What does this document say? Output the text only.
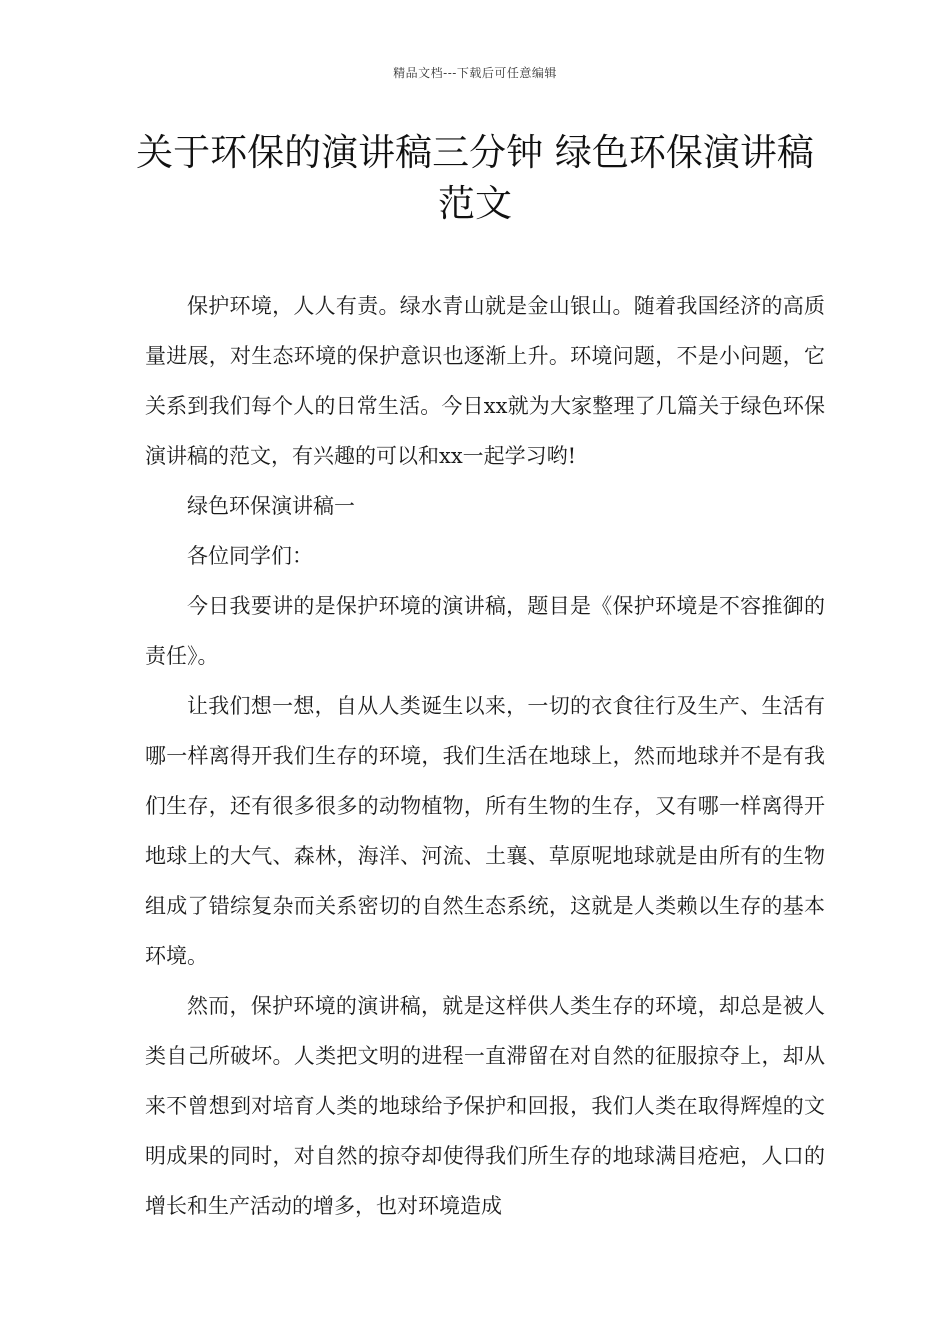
精品文档---下载后可任意编辑
关于环保的演讲稿三分钟 绿色环保演讲稿范文

保护环境，人人有责。绿水青山就是金山银山。随着我国经济的高质量进展，对生态环境的保护意识也逐渐上升。环境问题，不是小问题，它关系到我们每个人的日常生活。今日xx就为大家整理了几篇关于绿色环保演讲稿的范文，有兴趣的可以和xx一起学习哟!

绿色环保演讲稿一

各位同学们：

今日我要讲的是保护环境的演讲稿，题目是《保护环境是不容推御的责任》。

让我们想一想，自从人类诞生以来，一切的衣食往行及生产、生活有哪一样离得开我们生存的环境，我们生活在地球上，然而地球并不是有我们生存，还有很多很多的动物植物，所有生物的生存，又有哪一样离得开地球上的大气、森林，海洋、河流、土襄、草原呢地球就是由所有的生物组成了错综复杂而关系密切的自然生态系统，这就是人类赖以生存的基本环境。

然而，保护环境的演讲稿，就是这样供人类生存的环境，却总是被人类自己所破坏。人类把文明的进程一直滞留在对自然的征服掠夺上，却从来不曾想到对培育人类的地球给予保护和回报，我们人类在取得辉煌的文明成果的同时，对自然的掠夺却使得我们所生存的地球满目疮疤，人口的增长和生产活动的增多，也对环境造成
